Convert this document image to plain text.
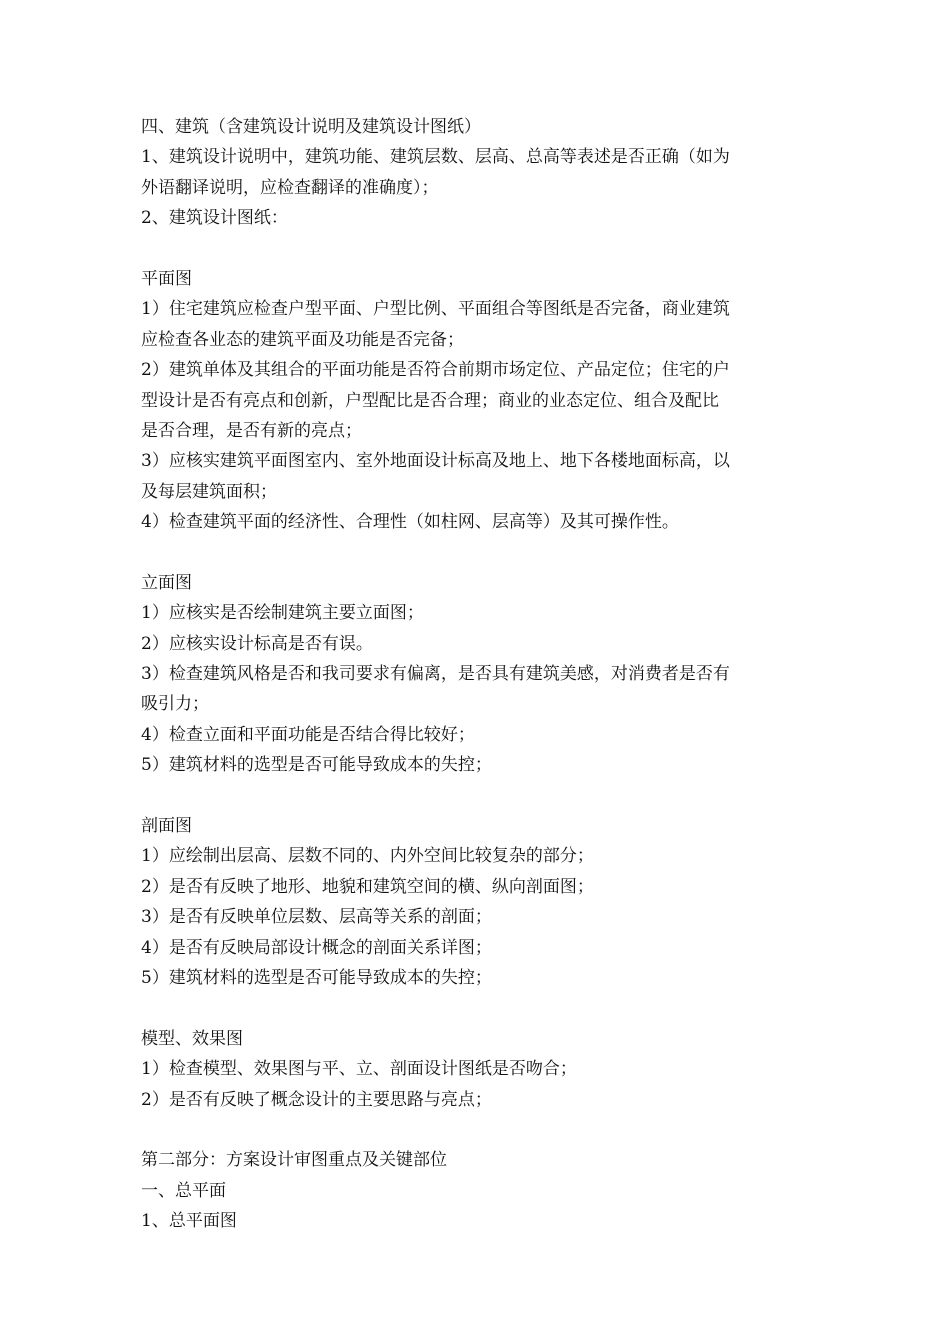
四、建筑（含建筑设计说明及建筑设计图纸）
1、建筑设计说明中，建筑功能、建筑层数、层高、总高等表述是否正确（如为
外语翻译说明，应检查翻译的准确度）；
2、建筑设计图纸：
平面图
1）住宅建筑应检查户型平面、户型比例、平面组合等图纸是否完备，商业建筑
应检查各业态的建筑平面及功能是否完备；
2）建筑单体及其组合的平面功能是否符合前期市场定位、产品定位；住宅的户
型设计是否有亮点和创新，户型配比是否合理；商业的业态定位、组合及配比
是否合理，是否有新的亮点；
3）应核实建筑平面图室内、室外地面设计标高及地上、地下各楼地面标高，以
及每层建筑面积；
4）检查建筑平面的经济性、合理性（如柱网、层高等）及其可操作性。
立面图
1）应核实是否绘制建筑主要立面图；
2）应核实设计标高是否有误。
3）检查建筑风格是否和我司要求有偏离，是否具有建筑美感，对消费者是否有
吸引力；
4）检查立面和平面功能是否结合得比较好；
5）建筑材料的选型是否可能导致成本的失控；
剖面图
1）应绘制出层高、层数不同的、内外空间比较复杂的部分；
2）是否有反映了地形、地貌和建筑空间的横、纵向剖面图；
3）是否有反映单位层数、层高等关系的剖面；
4）是否有反映局部设计概念的剖面关系详图；
5）建筑材料的选型是否可能导致成本的失控；
模型、效果图
1）检查模型、效果图与平、立、剖面设计图纸是否吻合；
2）是否有反映了概念设计的主要思路与亮点；
第二部分：方案设计审图重点及关键部位
一、总平面
1、总平面图
